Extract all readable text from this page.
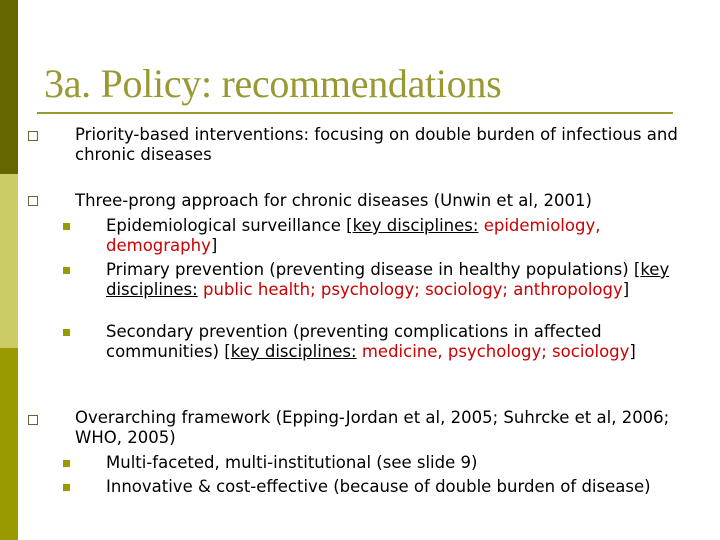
3a. Policy: recommendations
Priority-based interventions: focusing on double burden of infectious and chronic diseases
Three-prong approach for chronic diseases (Unwin et al, 2001)
Epidemiological surveillance [key disciplines: epidemiology, demography]
Primary prevention (preventing disease in healthy populations) [key disciplines: public health; psychology; sociology; anthropology]
Secondary prevention (preventing complications in affected communities) [key disciplines: medicine, psychology; sociology]
Overarching framework (Epping-Jordan et al, 2005; Suhrcke et al, 2006; WHO, 2005)
Multi-faceted, multi-institutional (see slide 9)
Innovative & cost-effective (because of double burden of disease)
